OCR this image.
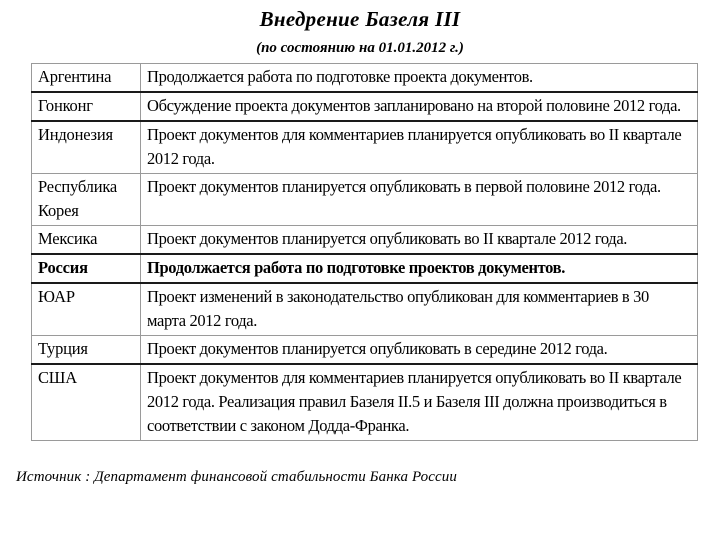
Внедрение Базеля III
(по состоянию на 01.01.2012 г.)
Аргентина	Продолжается работа по подготовке проекта документов.
Гонконг	Обсуждение проекта документов запланировано на второй половине 2012 года.
Индонезия	Проект документов для комментариев планируется опубликовать во II квартале 2012 года.
Республика Корея	Проект документов планируется опубликовать в первой половине 2012 года.
Мексика	Проект документов планируется опубликовать во II квартале 2012 года.
Россия	Продолжается работа по подготовке проектов документов.
ЮАР	Проект изменений в законодательство опубликован для комментариев в 30 марта 2012 года.
Турция	Проект документов планируется опубликовать в середине 2012 года.
США	Проект документов для комментариев планируется опубликовать во II квартале 2012 года. Реализация правил Базеля II.5 и Базеля III должна производиться в соответствии с законом Додда-Франка.
Источник : Департамент финансовой стабильности Банка России
